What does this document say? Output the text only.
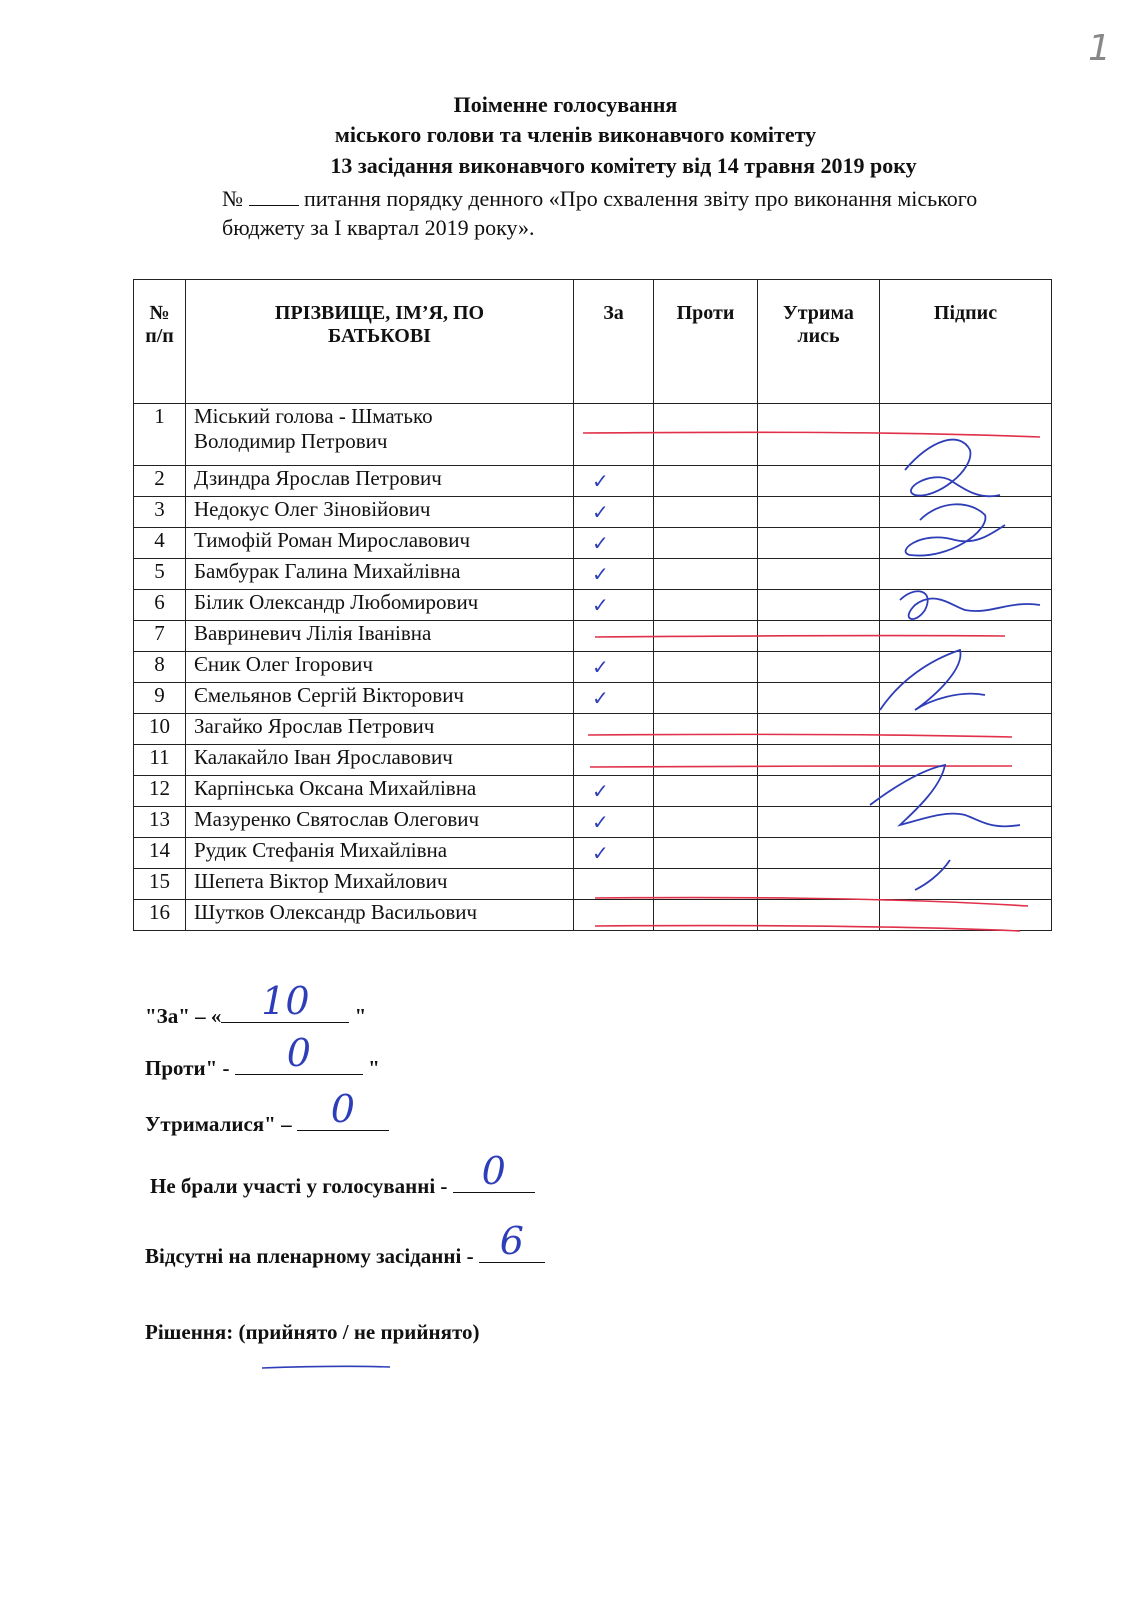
1
Поіменне голосування
міського голови та членів виконавчого комітету
13 засідання виконавчого комітету від 14 травня 2019 року
№	питання порядку денного «Про схвалення звіту про виконання міського бюджету за І квартал 2019 року».
№ п/п	ПРІЗВИЩЕ, ІМ’Я, ПО БАТЬКОВІ	За	Проти	Утрима лись	Підпис
1	Міський голова - Шматько
Володимир Петрович				

2	Дзиндра Ярослав Петрович	✓			
3	Недокус Олег Зіновійович	✓			
4	Тимофій Роман Мирославович	✓			
5	Бамбурак Галина Михайлівна	✓			
6	Білик Олександр Любомирович	✓			
7	Вавриневич Лілія Іванівна				
8	Єник Олег Ігорович	✓			
9	Ємельянов Сергій Вікторович	✓			
10	Загайко Ярослав Петрович				
11	Калакайло Іван Ярославович				
12	Карпінська Оксана Михайлівна	✓			
13	Мазуренко Святослав Олегович	✓			
14	Рудик Стефанія Михайлівна	✓			
15	Шепета Віктор Михайлович				
16	Шутков Олександр Васильович				
"За" – «	10	"
Проти" -	0	"
Утрималися" –	0
Не брали участі у голосуванні - 0
Відсутні на пленарному засіданні - 6
Рішення: (прийнято / не прийнято)
